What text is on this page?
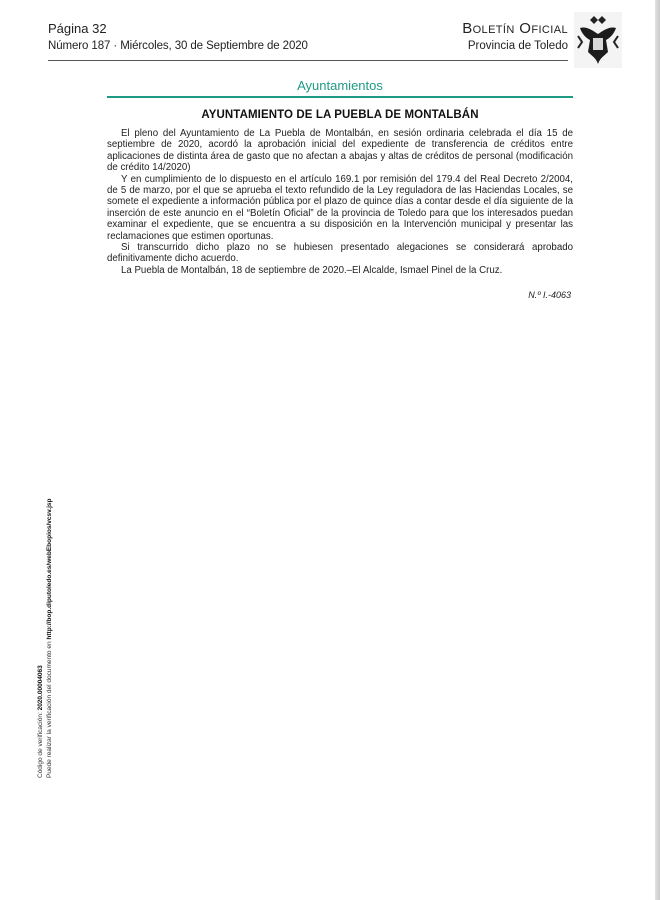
Página 32
Número 187 · Miércoles, 30 de Septiembre de 2020
Boletín Oficial
Provincia de Toledo
Ayuntamientos
AYUNTAMIENTO DE LA PUEBLA DE MONTALBÁN

El pleno del Ayuntamiento de La Puebla de Montalbán, en sesión ordinaria celebrada el día 15 de septiembre de 2020, acordó la aprobación inicial del expediente de transferencia de créditos entre aplicaciones de distinta área de gasto que no afectan a abajas y altas de créditos de personal (modificación de crédito 14/2020)

Y en cumplimiento de lo dispuesto en el artículo 169.1 por remisión del 179.4 del Real Decreto 2/2004, de 5 de marzo, por el que se aprueba el texto refundido de la Ley reguladora de las Haciendas Locales, se somete el expediente a información pública por el plazo de quince días a contar desde el día siguiente de la inserción de este anuncio en el “Boletín Oficial” de la provincia de Toledo para que los interesados puedan examinar el expediente, que se encuentra a su disposición en la Intervención municipal y presentar las reclamaciones que estimen oportunas.

Si transcurrido dicho plazo no se hubiesen presentado alegaciones se considerará aprobado definitivamente dicho acuerdo.

La Puebla de Montalbán, 18 de septiembre de 2020.–El Alcalde, Ismael Pinel de la Cruz.

N.º I.-4063
Código de verificación: 2020.00004063 Puede realizar la verificación del documento en http://bop.diputoledo.es/webEbopios/vcsv.jsp
